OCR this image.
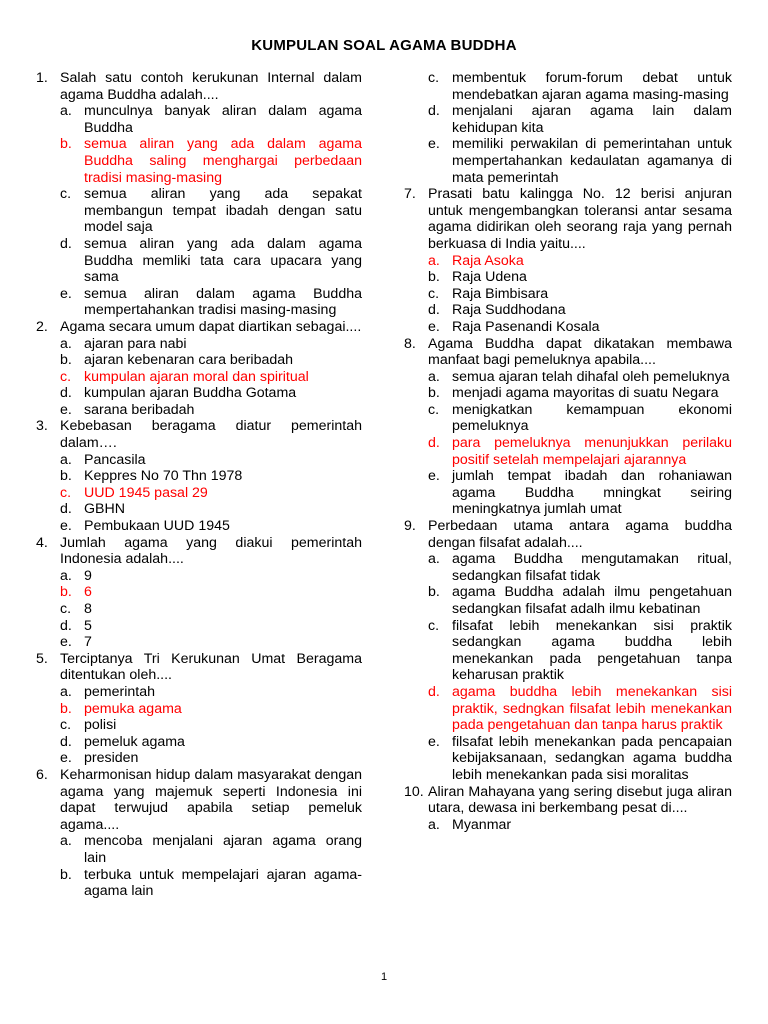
KUMPULAN SOAL AGAMA BUDDHA
1. Salah satu contoh kerukunan Internal dalam agama Buddha adalah....
a. munculnya banyak aliran dalam agama Buddha
b. semua aliran yang ada dalam agama Buddha saling menghargai perbedaan tradisi masing-masing
c. semua aliran yang ada sepakat membangun tempat ibadah dengan satu model saja
d. semua aliran yang ada dalam agama Buddha memliki tata cara upacara yang sama
e. semua aliran dalam agama Buddha mempertahankan tradisi masing-masing
2. Agama secara umum dapat diartikan sebagai....
a. ajaran para nabi
b. ajaran kebenaran cara beribadah
c. kumpulan ajaran moral dan spiritual
d. kumpulan ajaran Buddha Gotama
e. sarana beribadah
3. Kebebasan beragama diatur pemerintah dalam….
a. Pancasila
b. Keppres No 70 Thn 1978
c. UUD 1945 pasal 29
d. GBHN
e. Pembukaan UUD 1945
4. Jumlah agama yang diakui pemerintah Indonesia adalah....
a. 9
b. 6
c. 8
d. 5
e. 7
5. Terciptanya Tri Kerukunan Umat Beragama ditentukan oleh....
a. pemerintah
b. pemuka agama
c. polisi
d. pemeluk agama
e. presiden
6. Keharmonisan hidup dalam masyarakat dengan agama yang majemuk seperti Indonesia ini dapat terwujud apabila setiap pemeluk agama....
a. mencoba menjalani ajaran agama orang lain
b. terbuka untuk mempelajari ajaran agama-agama lain
c. membentuk forum-forum debat untuk mendebatkan ajaran agama masing-masing
d. menjalani ajaran agama lain dalam kehidupan kita
e. memiliki perwakilan di pemerintahan untuk mempertahankan kedaulatan agamanya di mata pemerintah
7. Prasati batu kalingga No. 12 berisi anjuran untuk mengembangkan toleransi antar sesama agama didirikan oleh seorang raja yang pernah berkuasa di India yaitu....
a. Raja Asoka
b. Raja Udena
c. Raja Bimbisara
d. Raja Suddhodana
e. Raja Pasenandi Kosala
8. Agama Buddha dapat dikatakan membawa manfaat bagi pemeluknya apabila....
a. semua ajaran telah dihafal oleh pemeluknya
b. menjadi agama mayoritas di suatu Negara
c. menigkatkan kemampuan ekonomi pemeluknya
d. para pemeluknya menunjukkan perilaku positif setelah mempelajari ajarannya
e. jumlah tempat ibadah dan rohaniawan agama Buddha mningkat seiring meningkatnya jumlah umat
9. Perbedaan utama antara agama buddha dengan filsafat adalah....
a. agama Buddha mengutamakan ritual, sedangkan filsafat tidak
b. agama Buddha adalah ilmu pengetahuan sedangkan filsafat adalh ilmu kebatinan
c. filsafat lebih menekankan sisi praktik sedangkan agama buddha lebih menekankan pada pengetahuan tanpa keharusan praktik
d. agama buddha lebih menekankan sisi praktik, sedngkan filsafat lebih menekankan pada pengetahuan dan tanpa harus praktik
e. filsafat lebih menekankan pada pencapaian kebijaksanaan, sedangkan agama buddha lebih menekankan pada sisi moralitas
10. Aliran Mahayana yang sering disebut juga aliran utara, dewasa ini berkembang pesat di....
a. Myanmar
1
